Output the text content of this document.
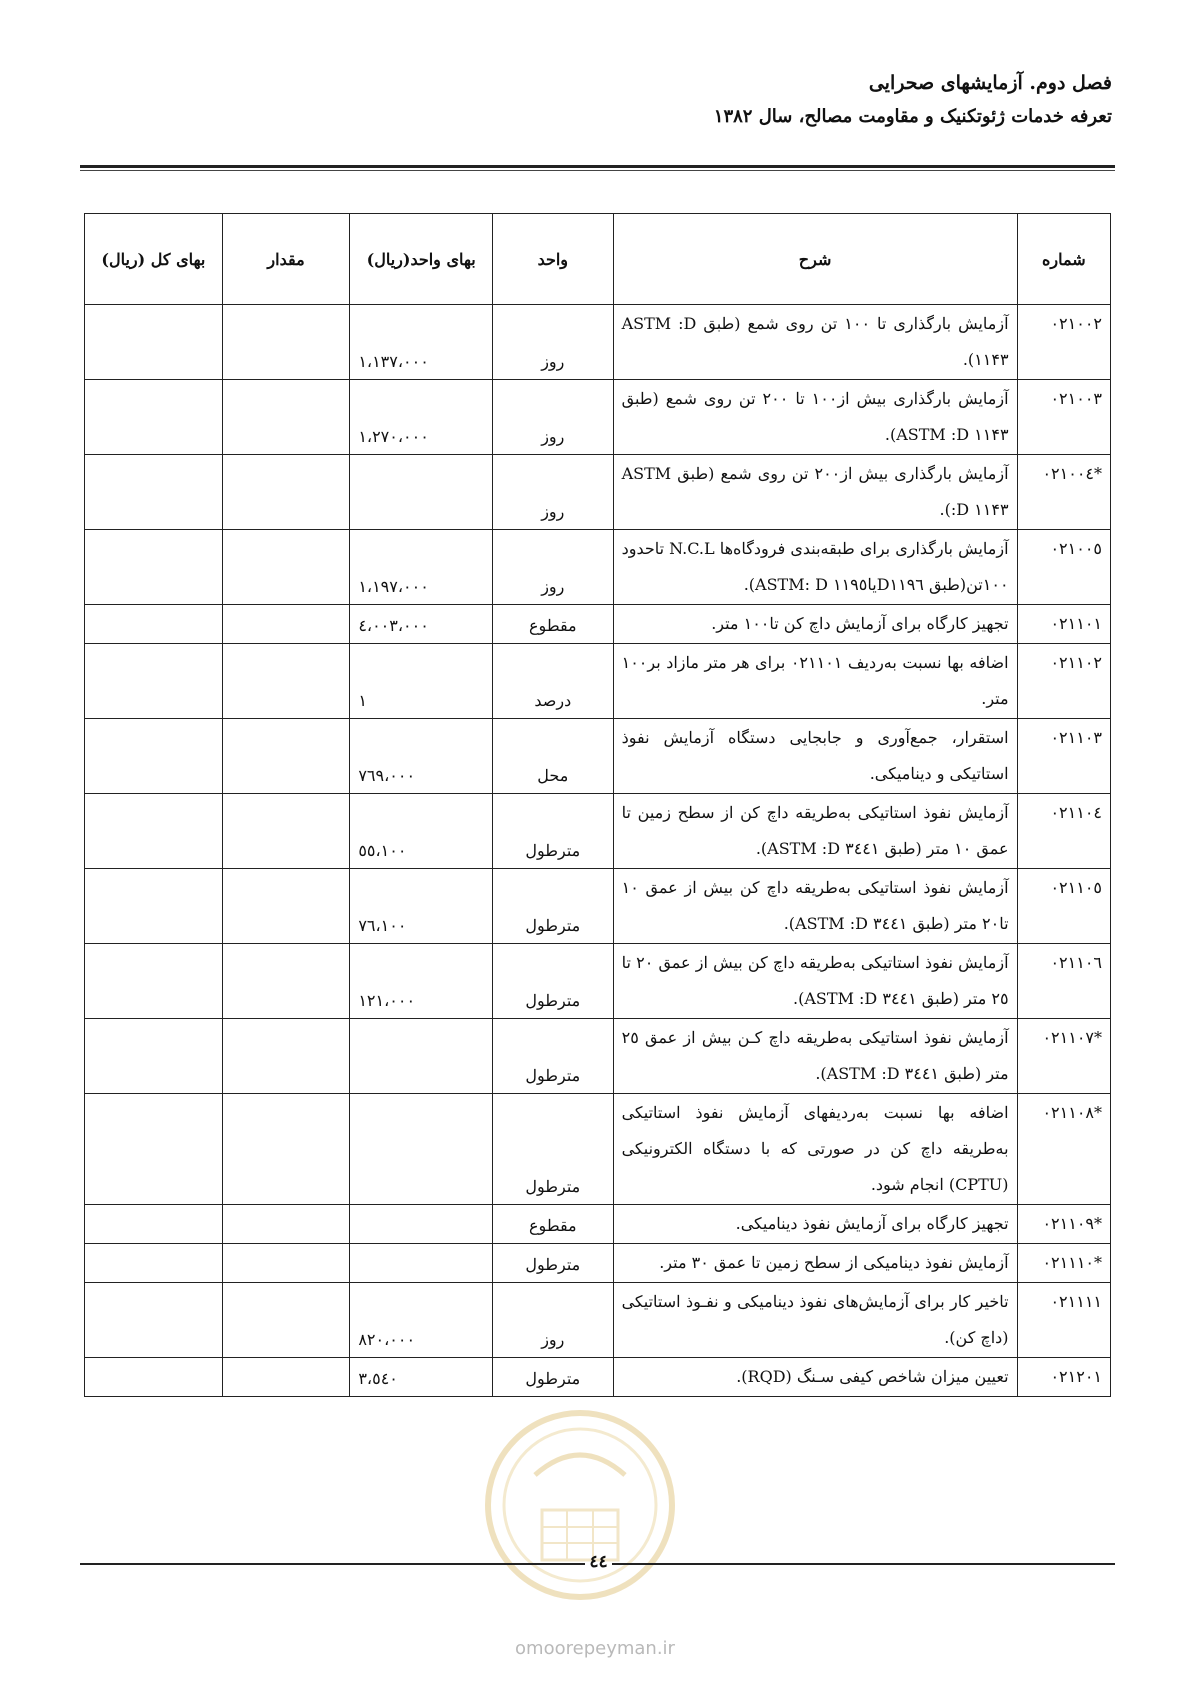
فصل دوم. آزمایشهای صحرایی
تعرفه خدمات ژئوتکنیک و مقاومت مصالح، سال ۱۳۸۲
شماره	شرح	واحد	بهای واحد(ریال)	مقدار	بهای کل (ریال)
۰۲۱۰۰۲	آزمایش بارگذاری تا ۱۰۰ تن روی شمع (طبق ASTM :D ۱۱۴۳).	روز	۱،۱۳۷،۰۰۰		
۰۲۱۰۰۳	آزمایش بارگذاری بیش از۱۰۰ تا ۲۰۰ تن روی شمع (طبق ASTM :D ۱۱۴۳).	روز	۱،۲۷۰،۰۰۰		
*۰۲۱۰۰٤	آزمایش بارگذاری بیش از۲۰۰ تن روی شمع (طبق ASTM :D ۱۱۴۳).	روز			
۰۲۱۰۰٥	آزمایش بارگذاری برای طبقه‌بندی فرودگاه‌ها N.C.L تاحدود ۱۰۰تن(طبق D۱۱۹٦یا۱۱۹٥ ASTM: D).	روز	۱،۱۹۷،۰۰۰		
۰۲۱۱۰۱	تجهیز کارگاه برای آزمایش داچ کن تا۱۰۰ متر.	مقطوع	٤،۰۰۳،۰۰۰		
۰۲۱۱۰۲	اضافه بها نسبت به‌ردیف ۰۲۱۱۰۱ برای هر متر مازاد بر۱۰۰ متر.	درصد	۱		
۰۲۱۱۰۳	استقرار، جمع‌آوری و جابجایی دستگاه آزمایش نفوذ استاتیکی و دینامیکی.	محل	۷٦۹،۰۰۰		
۰۲۱۱۰٤	آزمایش نفوذ استاتیکی به‌طریقه داچ کن از سطح زمین تا عمق ۱۰ متر (طبق ۳٤٤۱ ASTM :D).	مترطول	٥٥،۱۰۰		
۰۲۱۱۰٥	آزمایش نفوذ استاتیکی به‌طریقه داچ کن بیش از عمق ۱۰ تا۲۰ متر (طبق ۳٤٤۱ ASTM :D).	مترطول	۷٦،۱۰۰		
۰۲۱۱۰٦	آزمایش نفوذ استاتیکی به‌طریقه داچ کن بیش از عمق ۲۰ تا ۲٥ متر (طبق ۳٤٤۱ ASTM :D).	مترطول	۱۲۱،۰۰۰		
*۰۲۱۱۰۷	آزمایش نفوذ استاتیکی به‌طریقه داچ کـن بیش از عمق ۲٥ متر (طبق ۳٤٤۱ ASTM :D).	مترطول			
*۰۲۱۱۰۸	اضافه بها نسبت به‌ردیفهای آزمایش نفوذ استاتیکی به‌طریقه داچ کن در صورتی که با دستگاه الکترونیکی (CPTU) انجام شود.	مترطول			
*۰۲۱۱۰۹	تجهیز کارگاه برای آزمایش نفوذ دینامیکی.	مقطوع			
*۰۲۱۱۱۰	آزمایش نفوذ دینامیکی از سطح زمین تا عمق ۳۰ متر.	مترطول			
۰۲۱۱۱۱	تاخیر کار برای آزمایش‌های نفوذ دینامیکی و نفـوذ استاتیکی (داچ کن).	روز	۸۲۰،۰۰۰		
۰۲۱۲۰۱	تعیین میزان شاخص کیفی سـنگ (RQD).	مترطول	۳،٥٤۰		
٤٤
omoorepeyman.ir
